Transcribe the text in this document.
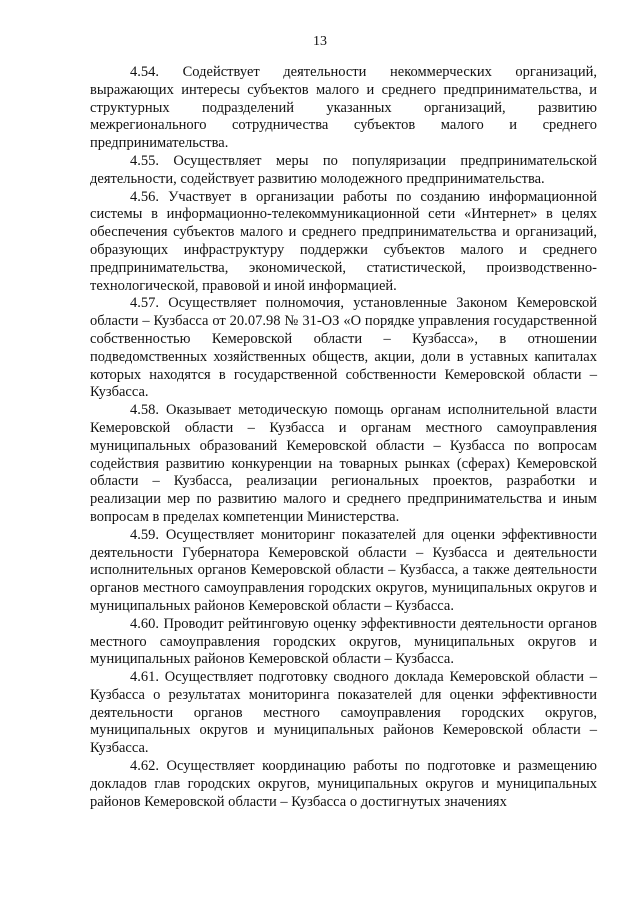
13

4.54. Содействует деятельности некоммерческих организаций, выражающих интересы субъектов малого и среднего предпринимательства, и структурных подразделений указанных организаций, развитию межрегионального сотрудничества субъектов малого и среднего предпринимательства.

4.55. Осуществляет меры по популяризации предпринимательской деятельности, содействует развитию молодежного предпринимательства.

4.56. Участвует в организации работы по созданию информационной системы в информационно-телекоммуникационной сети «Интернет» в целях обеспечения субъектов малого и среднего предпринимательства и организаций, образующих инфраструктуру поддержки субъектов малого и среднего предпринимательства, экономической, статистической, производственно-технологической, правовой и иной информацией.

4.57. Осуществляет полномочия, установленные Законом Кемеровской области – Кузбасса от 20.07.98 № 31-ОЗ «О порядке управления государственной собственностью Кемеровской области – Кузбасса», в отношении подведомственных хозяйственных обществ, акции, доли в уставных капиталах которых находятся в государственной собственности Кемеровской области – Кузбасса.

4.58. Оказывает методическую помощь органам исполнительной власти Кемеровской области – Кузбасса и органам местного самоуправления муниципальных образований Кемеровской области – Кузбасса по вопросам содействия развитию конкуренции на товарных рынках (сферах) Кемеровской области – Кузбасса, реализации региональных проектов, разработки и реализации мер по развитию малого и среднего предпринимательства и иным вопросам в пределах компетенции Министерства.

4.59. Осуществляет мониторинг показателей для оценки эффективности деятельности Губернатора Кемеровской области – Кузбасса и деятельности исполнительных органов Кемеровской области – Кузбасса, а также деятельности органов местного самоуправления городских округов, муниципальных округов и муниципальных районов Кемеровской области – Кузбасса.

4.60. Проводит рейтинговую оценку эффективности деятельности органов местного самоуправления городских округов, муниципальных округов и муниципальных районов Кемеровской области – Кузбасса.

4.61. Осуществляет подготовку сводного доклада Кемеровской области – Кузбасса о результатах мониторинга показателей для оценки эффективности деятельности органов местного самоуправления городских округов, муниципальных округов и муниципальных районов Кемеровской области – Кузбасса.

4.62. Осуществляет координацию работы по подготовке и размещению докладов глав городских округов, муниципальных округов и муниципальных районов Кемеровской области – Кузбасса о достигнутых значениях
